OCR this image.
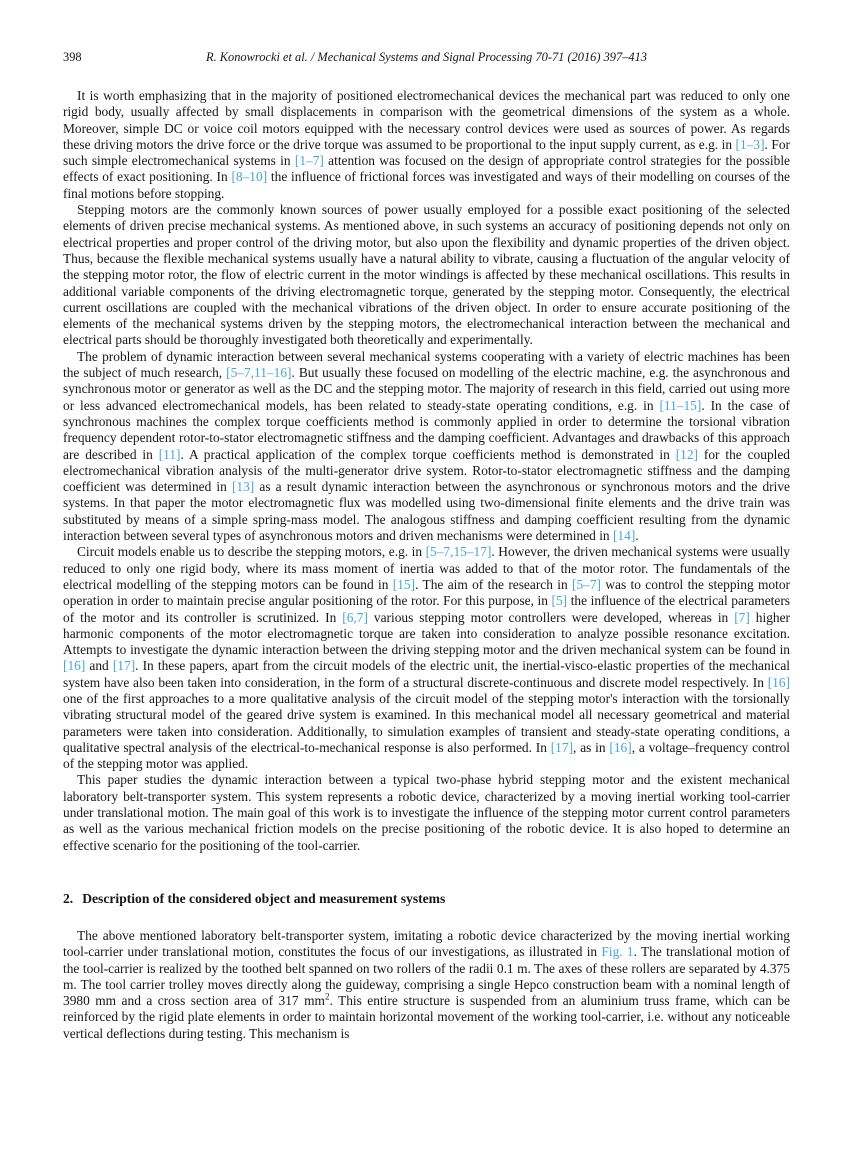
398	R. Konowrocki et al. / Mechanical Systems and Signal Processing 70-71 (2016) 397–413

It is worth emphasizing that in the majority of positioned electromechanical devices the mechanical part was reduced to only one rigid body, usually affected by small displacements in comparison with the geometrical dimensions of the system as a whole. Moreover, simple DC or voice coil motors equipped with the necessary control devices were used as sources of power. As regards these driving motors the drive force or the drive torque was assumed to be proportional to the input supply current, as e.g. in [1–3]. For such simple electromechanical systems in [1–7] attention was focused on the design of appropriate control strategies for the possible effects of exact positioning. In [8–10] the influence of frictional forces was investigated and ways of their modelling on courses of the final motions before stopping.

Stepping motors are the commonly known sources of power usually employed for a possible exact positioning of the selected elements of driven precise mechanical systems. As mentioned above, in such systems an accuracy of positioning depends not only on electrical properties and proper control of the driving motor, but also upon the flexibility and dynamic properties of the driven object. Thus, because the flexible mechanical systems usually have a natural ability to vibrate, causing a fluctuation of the angular velocity of the stepping motor rotor, the flow of electric current in the motor windings is affected by these mechanical oscillations. This results in additional variable components of the driving electromagnetic torque, generated by the stepping motor. Consequently, the electrical current oscillations are coupled with the mechanical vibrations of the driven object. In order to ensure accurate positioning of the elements of the mechanical systems driven by the stepping motors, the electromechanical interaction between the mechanical and electrical parts should be thoroughly investigated both theoretically and experimentally.

The problem of dynamic interaction between several mechanical systems cooperating with a variety of electric machines has been the subject of much research, [5–7,11–16]. But usually these focused on modelling of the electric machine, e.g. the asynchronous and synchronous motor or generator as well as the DC and the stepping motor. The majority of research in this field, carried out using more or less advanced electromechanical models, has been related to steady-state operating conditions, e.g. in [11–15]. In the case of synchronous machines the complex torque coefficients method is commonly applied in order to determine the torsional vibration frequency dependent rotor-to-stator electromagnetic stiffness and the damping coefficient. Advantages and drawbacks of this approach are described in [11]. A practical application of the complex torque coefficients method is demonstrated in [12] for the coupled electromechanical vibration analysis of the multi-generator drive system. Rotor-to-stator electromagnetic stiffness and the damping coefficient was determined in [13] as a result dynamic interaction between the asynchronous or synchronous motors and the drive systems. In that paper the motor electromagnetic flux was modelled using two-dimensional finite elements and the drive train was substituted by means of a simple spring-mass model. The analogous stiffness and damping coefficient resulting from the dynamic interaction between several types of asynchronous motors and driven mechanisms were determined in [14].

Circuit models enable us to describe the stepping motors, e.g. in [5–7,15–17]. However, the driven mechanical systems were usually reduced to only one rigid body, where its mass moment of inertia was added to that of the motor rotor. The fundamentals of the electrical modelling of the stepping motors can be found in [15]. The aim of the research in [5–7] was to control the stepping motor operation in order to maintain precise angular positioning of the rotor. For this purpose, in [5] the influence of the electrical parameters of the motor and its controller is scrutinized. In [6,7] various stepping motor controllers were developed, whereas in [7] higher harmonic components of the motor electromagnetic torque are taken into consideration to analyze possible resonance excitation. Attempts to investigate the dynamic interaction between the driving stepping motor and the driven mechanical system can be found in [16] and [17]. In these papers, apart from the circuit models of the electric unit, the inertial-visco-elastic properties of the mechanical system have also been taken into consideration, in the form of a structural discrete-continuous and discrete model respectively. In [16] one of the first approaches to a more qualitative analysis of the circuit model of the stepping motor's interaction with the torsionally vibrating structural model of the geared drive system is examined. In this mechanical model all necessary geometrical and material parameters were taken into consideration. Additionally, to simulation examples of transient and steady-state operating conditions, a qualitative spectral analysis of the electrical-to-mechanical response is also performed. In [17], as in [16], a voltage–frequency control of the stepping motor was applied.

This paper studies the dynamic interaction between a typical two-phase hybrid stepping motor and the existent mechanical laboratory belt-transporter system. This system represents a robotic device, characterized by a moving inertial working tool-carrier under translational motion. The main goal of this work is to investigate the influence of the stepping motor current control parameters as well as the various mechanical friction models on the precise positioning of the robotic device. It is also hoped to determine an effective scenario for the positioning of the tool-carrier.

2. Description of the considered object and measurement systems

The above mentioned laboratory belt-transporter system, imitating a robotic device characterized by the moving inertial working tool-carrier under translational motion, constitutes the focus of our investigations, as illustrated in Fig. 1. The translational motion of the tool-carrier is realized by the toothed belt spanned on two rollers of the radii 0.1 m. The axes of these rollers are separated by 4.375 m. The tool carrier trolley moves directly along the guideway, comprising a single Hepco construction beam with a nominal length of 3980 mm and a cross section area of 317 $mm^2$. This entire structure is suspended from an aluminium truss frame, which can be reinforced by the rigid plate elements in order to maintain horizontal movement of the working tool-carrier, i.e. without any noticeable vertical deflections during testing. This mechanism is
